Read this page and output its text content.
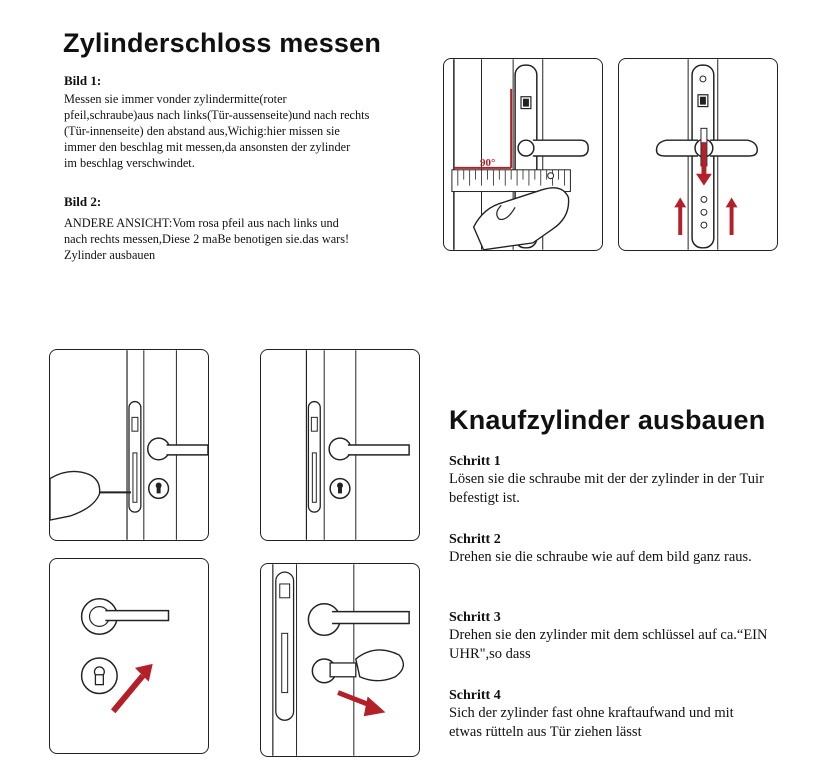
Zylinderschloss messen
Bild 1:
Messen sie immer vonder zylindermitte(roter
pfeil,schraube)aus nach links(Tür-aussenseite)und nach rechts
(Tür-innenseite) den abstand aus,Wichig:hier missen sie
immer den beschlag mit messen,da ansonsten der zylinder
im beschlag verschwindet.
Bild 2:
ANDERE ANSICHT:Vom rosa pfeil aus nach links und
nach rechts messen,Diese 2 maBe benotigen sie.das wars!
Zylinder ausbauen
90°
Knaufzylinder ausbauen
Schritt 1
Lösen sie die schraube mit der der zylinder in der Tuir
befestigt ist.
Schritt 2
Drehen sie die schraube wie auf dem bild ganz raus.
Schritt 3
Drehen sie den zylinder mit dem schlüssel auf ca.“EIN
UHR",so dass
Schritt 4
Sich der zylinder fast ohne kraftaufwand und mit
etwas rütteln aus Tür ziehen lässt
